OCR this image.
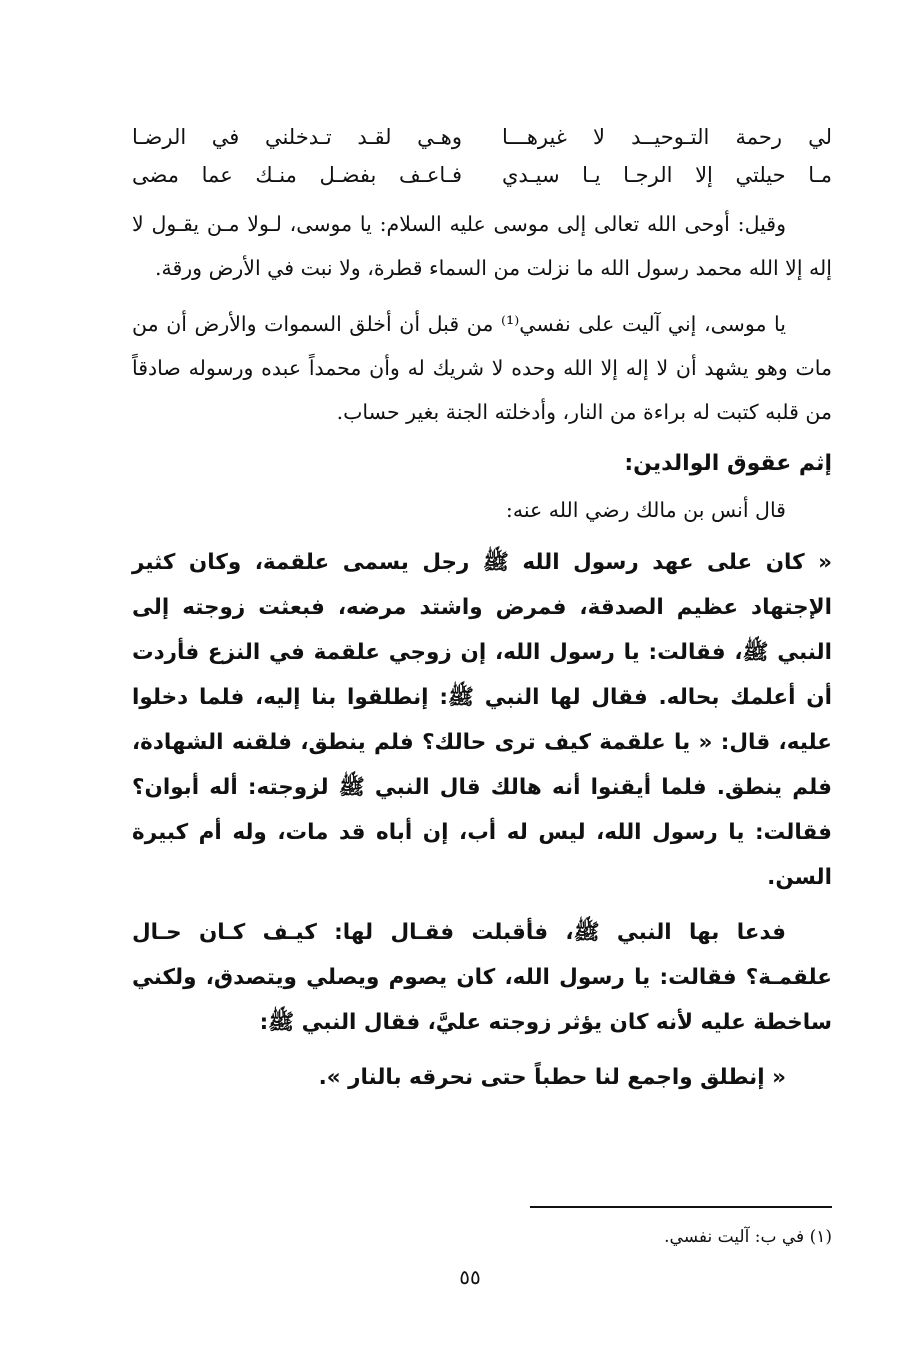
لي رحمة التـوحيــد لا غيرهـــا
وهـي لقـد تـدخلني في الرضـا
مـا حيلتي إلا الرجـا يـا سيـدي
فـاعـف بفضـل منـك عما مضى

وقيل: أوحى الله تعالى إلى موسى عليه السلام: يا موسى، لـولا مـن يقـول لا إله إلا الله محمد رسول الله ما نزلت من السماء قطرة، ولا نبت في الأرض ورقة.

يا موسى، إني آليت على نفسي⁽¹⁾ من قبل أن أخلق السموات والأرض أن من مات وهو يشهد أن لا إله إلا الله وحده لا شريك له وأن محمداً عبده ورسوله صادقاً من قلبه كتبت له براءة من النار، وأدخلته الجنة بغير حساب.

إثم عقوق الوالدين:

قال أنس بن مالك رضي الله عنه:

« كان على عهد رسول الله ﷺ رجل يسمى علقمة، وكان كثير الإجتهاد عظيم الصدقة، فمرض واشتد مرضه، فبعثت زوجته إلى النبي ﷺ، فقالت: يا رسول الله، إن زوجي علقمة في النزع فأردت أن أعلمك بحاله. فقال لها النبي ﷺ: إنطلقوا بنا إليه، فلما دخلوا عليه، قال: « يا علقمة كيف ترى حالك؟ فلم ينطق، فلقنه الشهادة، فلم ينطق. فلما أيقنوا أنه هالك قال النبي ﷺ لزوجته: أله أبوان؟ فقالت: يا رسول الله، ليس له أب، إن أباه قد مات، وله أم كبيرة السن.

فدعا بها النبي ﷺ، فأقبلت فقـال لها: كيـف كـان حـال علقمـة؟ فقالت: يا رسول الله، كان يصوم ويصلي ويتصدق، ولكني ساخطة عليه لأنه كان يؤثر زوجته عليَّ، فقال النبي ﷺ:

« إنطلق واجمع لنا حطباً حتى نحرقه بالنار ».

(١) في ب: آليت نفسي.
٥٥
